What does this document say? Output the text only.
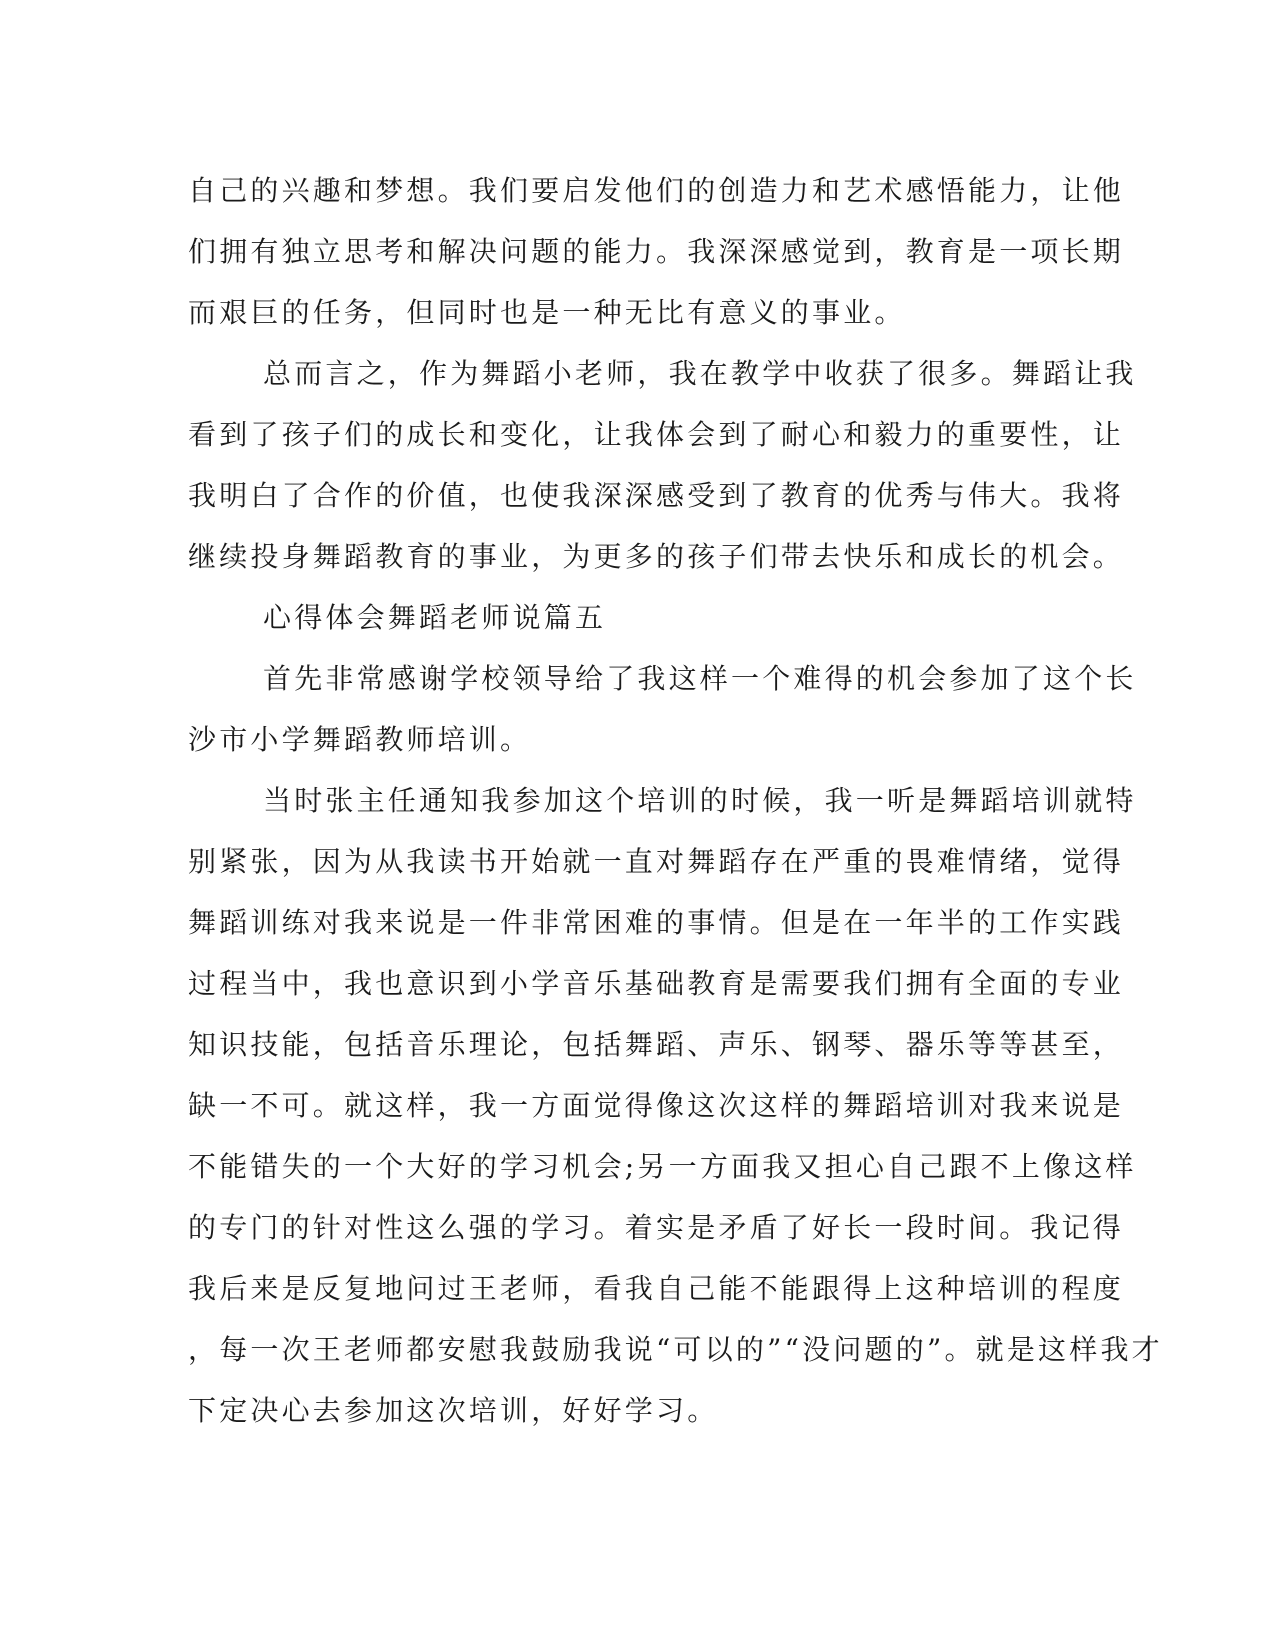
自己的兴趣和梦想。我们要启发他们的创造力和艺术感悟能力，让他
们拥有独立思考和解决问题的能力。我深深感觉到，教育是一项长期
而艰巨的任务，但同时也是一种无比有意义的事业。
总而言之，作为舞蹈小老师，我在教学中收获了很多。舞蹈让我
看到了孩子们的成长和变化，让我体会到了耐心和毅力的重要性，让
我明白了合作的价值，也使我深深感受到了教育的优秀与伟大。我将
继续投身舞蹈教育的事业，为更多的孩子们带去快乐和成长的机会。
心得体会舞蹈老师说篇五
首先非常感谢学校领导给了我这样一个难得的机会参加了这个长
沙市小学舞蹈教师培训。
当时张主任通知我参加这个培训的时候，我一听是舞蹈培训就特
别紧张，因为从我读书开始就一直对舞蹈存在严重的畏难情绪，觉得
舞蹈训练对我来说是一件非常困难的事情。但是在一年半的工作实践
过程当中，我也意识到小学音乐基础教育是需要我们拥有全面的专业
知识技能，包括音乐理论，包括舞蹈、声乐、钢琴、器乐等等甚至，
缺一不可。就这样，我一方面觉得像这次这样的舞蹈培训对我来说是
不能错失的一个大好的学习机会;另一方面我又担心自己跟不上像这样
的专门的针对性这么强的学习。着实是矛盾了好长一段时间。我记得
我后来是反复地问过王老师，看我自己能不能跟得上这种培训的程度
，每一次王老师都安慰我鼓励我说“可以的”“没问题的”。就是这样我才
下定决心去参加这次培训，好好学习。
